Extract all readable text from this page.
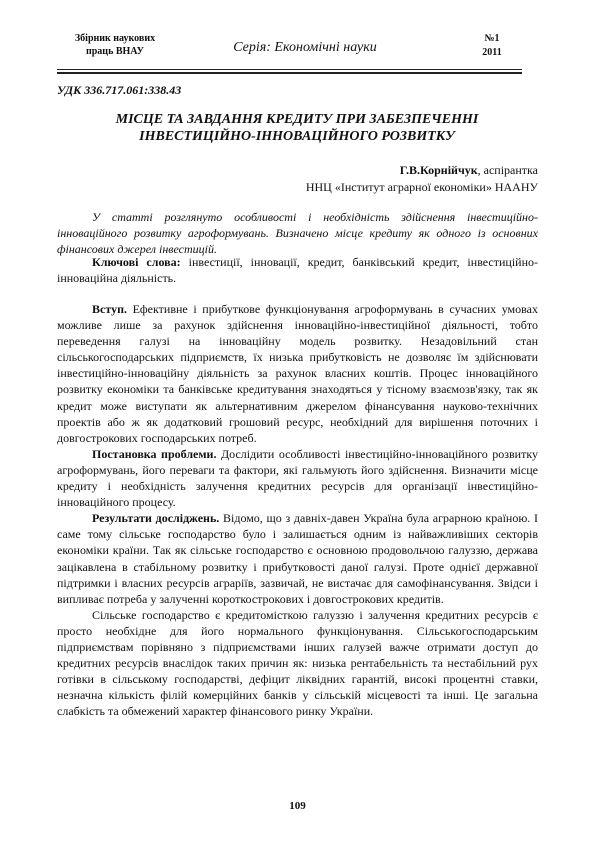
Збірник наукових
праць ВНАУ	Серія: Економічні науки
№1
2011
УДК 336.717.061:338.43
МІСЦЕ ТА ЗАВДАННЯ КРЕДИТУ ПРИ ЗАБЕЗПЕЧЕННІ ІНВЕСТИЦІЙНО-ІННОВАЦІЙНОГО РОЗВИТКУ
Г.В.Корнійчук, аспірантка
ННЦ «Інститут аграрної економіки» НААНУ
У статті розглянуто особливості і необхідність здійснення інвестиційно-інноваційного розвитку агроформувань. Визначено місце кредиту як одного із основних фінансових джерел інвестицій.
Ключові слова: інвестиції, інновації, кредит, банківський кредит, інвестиційно-інноваційна діяльність.

Вступ. Ефективне і прибуткове функціонування агроформувань в сучасних умовах можливе лише за рахунок здійснення інноваційно-інвестиційної діяльності, тобто переведення галузі на інноваційну модель розвитку. Незадовільний стан сільськогосподарських підприємств, їх низька прибутковість не дозволяє їм здійснювати інвестиційно-інноваційну діяльність за рахунок власних коштів. Процес інноваційного розвитку економіки та банківське кредитування знаходяться у тісному взаємозв'язку, так як кредит може виступати як альтернативним джерелом фінансування науково-технічних проектів або ж як додатковий грошовий ресурс, необхідний для вирішення поточних і довгострокових господарських потреб.

Постановка проблеми. Дослідити особливості інвестиційно-інноваційного розвитку агроформувань, його переваги та фактори, які гальмують його здійснення. Визначити місце кредиту і необхідність залучення кредитних ресурсів для організації інвестиційно-інноваційного процесу.

Результати досліджень. Відомо, що з давніх-давен Україна була аграрною країною. І саме тому сільське господарство було і залишається одним із найважливіших секторів економіки країни. Так як сільське господарство є основною продовольчою галуззю, держава зацікавлена в стабільному розвитку і прибутковості даної галузі. Проте однієї державної підтримки і власних ресурсів аграріїв, зазвичай, не вистачає для самофінансування. Звідси і випливає потреба у залученні короткострокових і довгострокових кредитів.

Сільське господарство є кредитомісткою галуззю і залучення кредитних ресурсів є просто необхідне для його нормального функціонування. Сільськогосподарським підприємствам порівняно з підприємствами інших галузей важче отримати доступ до кредитних ресурсів внаслідок таких причин як: низька рентабельність та нестабільний рух готівки в сільському господарстві, дефіцит ліквідних гарантій, високі процентні ставки, незначна кількість філій комерційних банків у сільській місцевості та інші. Це загальна слабкість та обмежений характер фінансового ринку України.

109
